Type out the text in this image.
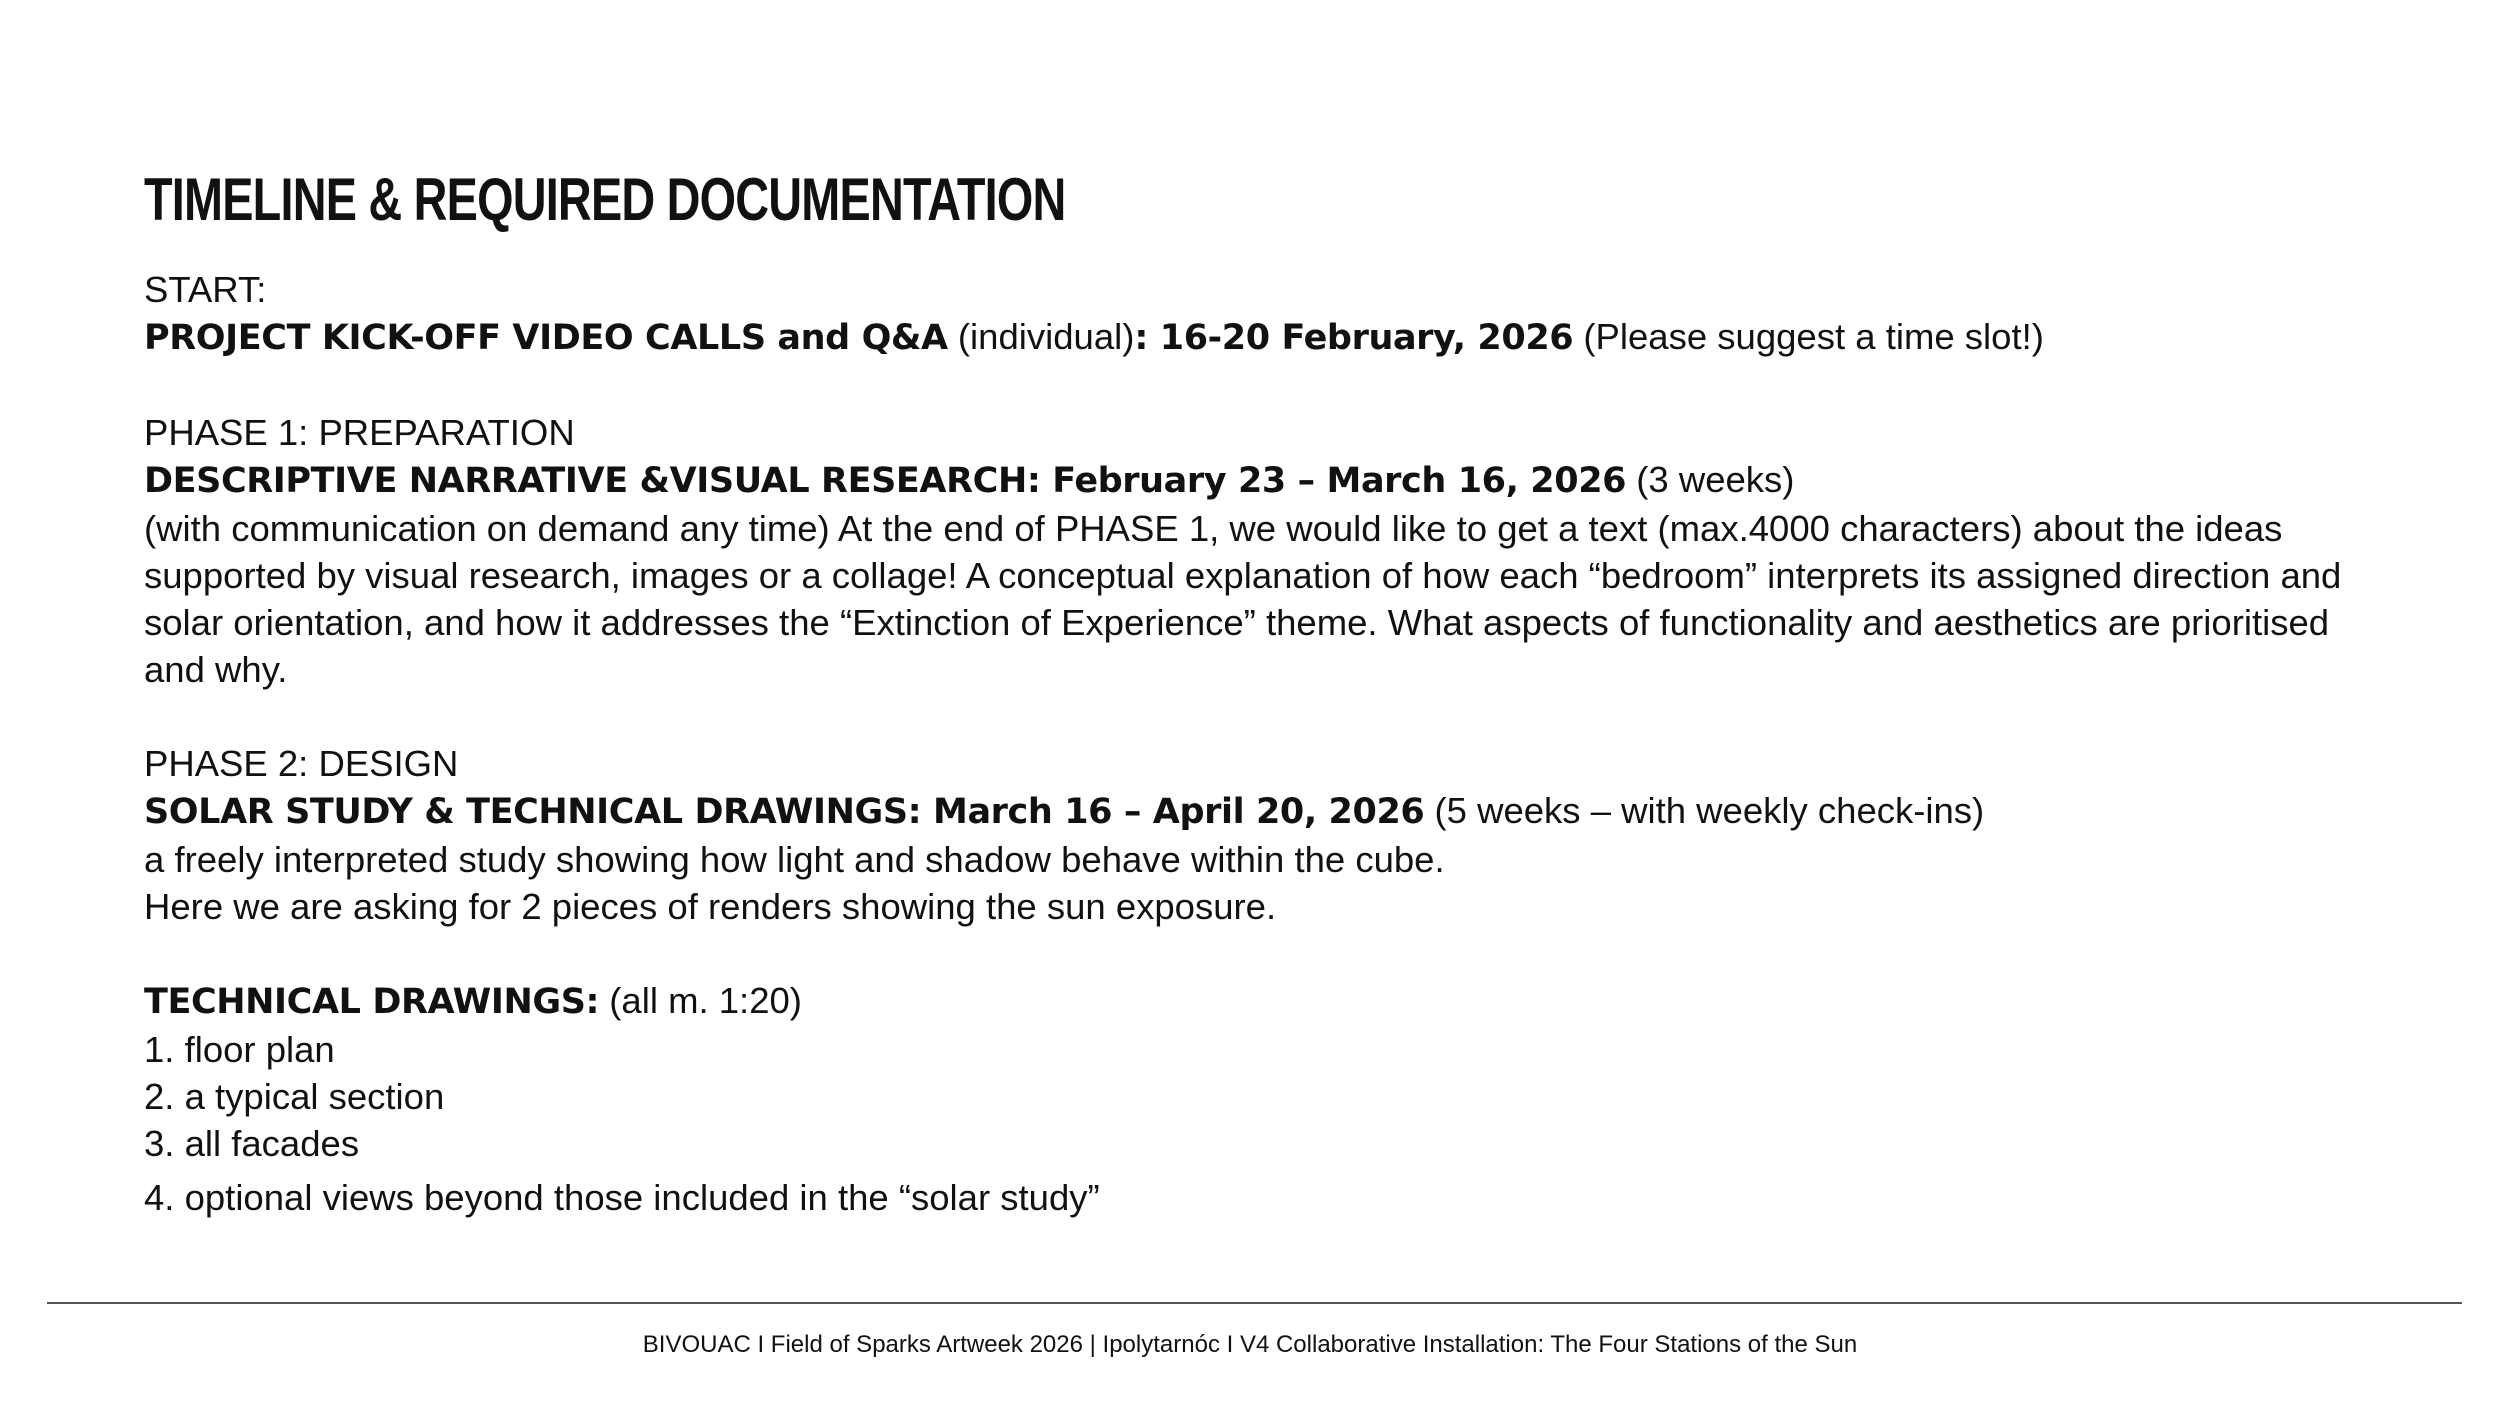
TIMELINE & REQUIRED DOCUMENTATION

START:

PROJECT KICK-OFF VIDEO CALLS and Q&A (individual): 16-20 February, 2026 (Please suggest a time slot!)

PHASE 1: PREPARATION

DESCRIPTIVE NARRATIVE &VISUAL RESEARCH: February 23 – March 16, 2026 (3 weeks)

(with communication on demand any time) At the end of PHASE 1, we would like to get a text (max.4000 characters) about the ideas supported by visual research, images or a collage! A conceptual explanation of how each “bedroom” interprets its assigned direction and solar orientation, and how it addresses the “Extinction of Experience” theme. What aspects of functionality and aesthetics are prioritised and why.

PHASE 2: DESIGN

SOLAR STUDY & TECHNICAL DRAWINGS: March 16 – April 20, 2026 (5 weeks – with weekly check-ins)

a freely interpreted study showing how light and shadow behave within the cube.

Here we are asking for 2 pieces of renders showing the sun exposure.

TECHNICAL DRAWINGS: (all m. 1:20)

1. floor plan

2. a typical section

3. all facades

4. optional views beyond those included in the “solar study”

BIVOUAC I Field of Sparks Artweek 2026 | Ipolytarnóc I V4 Collaborative Installation: The Four Stations of the Sun
